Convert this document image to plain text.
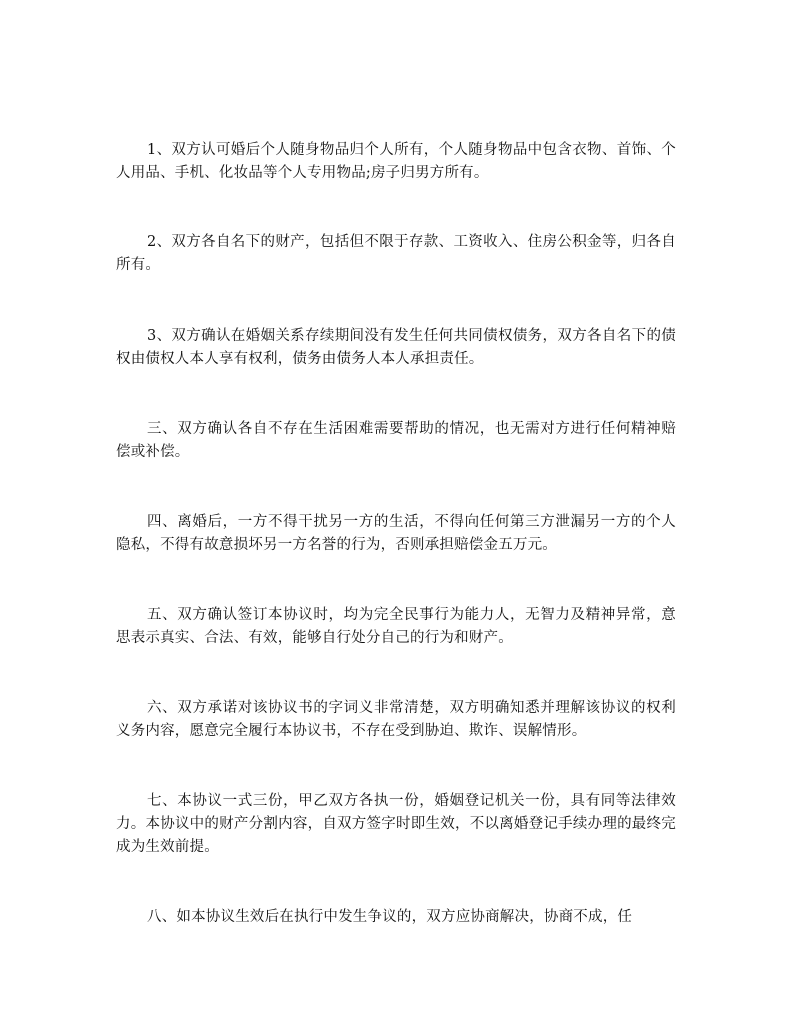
1、双方认可婚后个人随身物品归个人所有，个人随身物品中包含衣物、首饰、个人用品、手机、化妆品等个人专用物品;房子归男方所有。

2、双方各自名下的财产，包括但不限于存款、工资收入、住房公积金等，归各自所有。

3、双方确认在婚姻关系存续期间没有发生任何共同债权债务，双方各自名下的债权由债权人本人享有权利，债务由债务人本人承担责任。

三、双方确认各自不存在生活困难需要帮助的情况，也无需对方进行任何精神赔偿或补偿。

四、离婚后，一方不得干扰另一方的生活，不得向任何第三方泄漏另一方的个人隐私，不得有故意损坏另一方名誉的行为，否则承担赔偿金五万元。

五、双方确认签订本协议时，均为完全民事行为能力人，无智力及精神异常，意思表示真实、合法、有效，能够自行处分自己的行为和财产。

六、双方承诺对该协议书的字词义非常清楚，双方明确知悉并理解该协议的权利义务内容，愿意完全履行本协议书，不存在受到胁迫、欺诈、误解情形。

七、本协议一式三份，甲乙双方各执一份，婚姻登记机关一份，具有同等法律效力。本协议中的财产分割内容，自双方签字时即生效，不以离婚登记手续办理的最终完成为生效前提。

八、如本协议生效后在执行中发生争议的，双方应协商解决，协商不成，任
